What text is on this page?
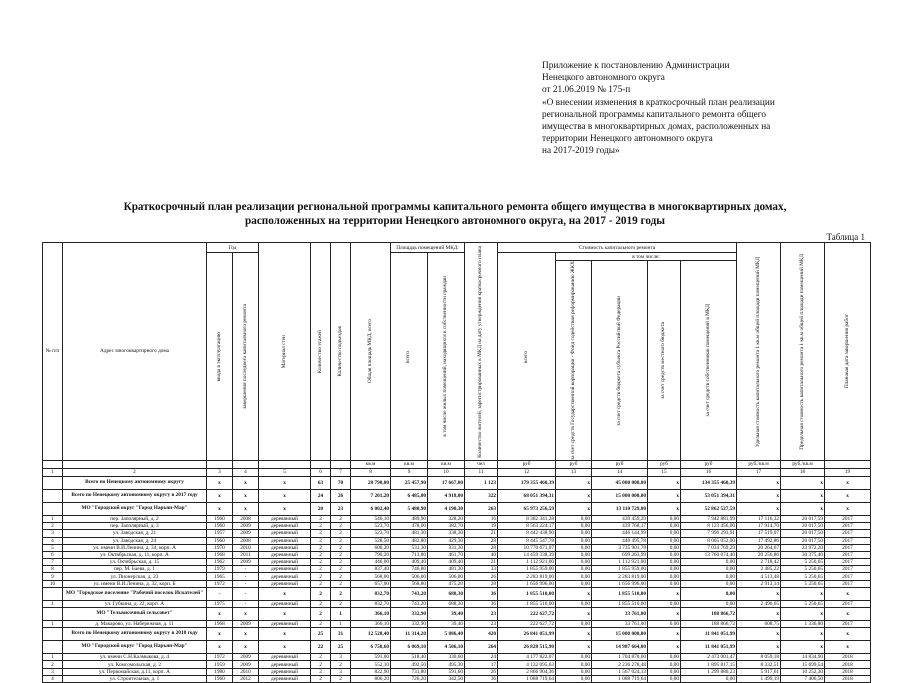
Приложение к постановлению Администрации
Ненецкого автономного округа
от 21.06.2019 № 175-п
«О внесении изменения в краткосрочный план реализации
региональной программы капитального ремонта общего
имущества в многоквартирных домах, расположенных на
территории Ненецкого автономного округа
на 2017-2019 годы»
Краткосрочный план реализации региональной программы капитального ремонта общего имущества в многоквартирных домах,
расположенных на территории Ненецкого автономного округа, на 2017 - 2019 годы
Таблица 1
№ п/п	Адрес многоквартирного дома	Год		Материал стен	Количество этажей	Количество подъездов	Общая площадь МКД, всего	Площадь помещений МКД:		Количество жителей, зарегистрированных в МКД на дату утверждения краткосрочного плана	Стоимость капитального ремонта					Удельная стоимость капитального ремонта 1 кв.м общей площади помещений МКД	Предельная стоимость капитального ремонта 1 кв.м общей площади помещений МКД	Плановая дата завершения работ

		ввода в эксплуатацию	завершения последнего капитального ремонта					всего	в том числе жилых помещений, находящихся в собственности граждан		всего	в том числе:						

												за счет средств Государственной корпорации - Фонд содействия реформированию ЖКХ	за счет средств бюджета субъекта Российской Федерации	за счет средств местного бюджета	за счет средств собственников помещений в МКД			

							кв.м	кв.м	кв.м	чел	руб	руб	руб	руб	руб	руб./кв.м	руб./кв.м	
1	2	3	4	5	6	7	8	9	10	11	12	13	14	15	16	17	18	19
	Всего по Ненецкому автономному округу	x	x	x	63	70	28 790,00	25 457,90	17 667,00	1 123	179 355 460,39	x	45 000 000,00	x	134 355 460,39	x	x	x
	Всего по Ненецкому автономному округу в 2017 году	x	x	x	24	26	7 201,20	6 485,00	4 918,00	322	68 051 394,31	x	15 000 000,00	x	53 051 394,31	x	x	x
	МО "Городской округ "Город Нарьян-Мар"	x	x	x	20	23	6 002,40	5 480,90	4 190,30	263	65 973 256,59	x	13 110 729,00	x	52 862 527,59	x	x	x
1	пер. Заполярный, д. 2	1960	2008	деревянный	2	2	540,10	489,90	328,20	16	8 382 341,28	0,00	439 459,29	0,00	7 942 881,99	17 116,32	20 017,59	2017
2	пер. Заполярный, д. 3	1960	2009	деревянный	2	2	523,70	478,00	382,70	19	8 563 224,17	0,00	439 768,17	0,00	8 123 456,00	17 914,70	20 017,50	2017
3	ул. Заводская, д. 21	1957	2009	деревянный	2	2	523,70	481,30	338,30	21	8 442 438,90	0,00	446 144,99	0,00	7 996 293,91	17 519,07	20 017,50	2017
4	ул. Заводская, д. 24	1960	2008	деревянный	2	2	528,50	482,80	429,30	28	8 445 547,78	0,00	440 495,78	0,00	8 005 052,00	17 492,86	20 017,50	2017
5	ул. имени В.И.Ленина, д. 34, корп. А	1970	2010	деревянный	2	2	600,20	531,30	331,30	28	10 770 671,07	0,00	3 735 901,78	0,00	7 034 769,29	20 264,67	23 972,20	2017
6	ул. Октябрьская, д. 11, корп. А	1968	2011	деревянный	2	2	790,20	713,80	461,70	40	14 459 338,39	0,00	699 263,99	0,00	13 760 074,40	20 256,86	30 375,40	2017
7	ул. Октябрьская, д. 15	1962	2009	деревянный	2	2	446,00	409,40	409,40	21	1 112 921,00	0,00	1 112 921,00	0,00	0,00	2 718,42	5 250,65	2017
8	пер. М. Баева, д. 1	1979	-	деревянный	2	2	837,40	746,80	481,30	33	1 855 959,00	0,00	1 855 959,00	0,00	0,00	2 485,22	5 250,65	2017
9	ул. Пионерская, д. 23	1965	-	деревянный	2	2	568,00	506,00	506,00	26	2 283 819,00	0,00	2 283 819,00	0,00	0,00	4 513,48	5 250,65	2017
10	ул. имени В.И.Ленина, д. 32, корп. Б	1972	-	деревянный	2	2	657,00	568,80	475,20	28	1 656 996,00	0,00	1 656 996,00	0,00	0,00	2 913,14	5 250,65	2017
	МО "Городское поселение "Рабочий поселок Искателей"	-	-	x	2	2	832,70	743,20	688,30	36	1 855 510,00	x	1 855 510,00	x	0,00	x	x	x
1	ул. Губкина, д. 22, корп. А	1975	-	деревянный	2	2	832,70	743,20	688,30	36	1 855 510,00	0,00	1 855 510,00	0,00	0,00	2 496,65	5 250,65	2017
	МО "Тельвисочный сельсовет"	x	x	x	2	1	366,10	332,90	39,40	23	222 627,72	x	33 761,00	x	188 866,72	x	x	x
1	д. Макарово, ул. Набережная, д. 11	1968	2009	деревянный	2	1	366,10	332,90	39,40	23	222 627,72	0,00	33 761,00	0,00	188 866,72	608,75	1 336,80	2017
	Всего по Ненецкому автономному округу в 2018 году	x	x	x	25	31	12 528,40	11 314,20	5 886,40	420	26 841 051,99	x	15 000 000,00	x	11 841 051,99	x	x	x
	МО "Городской округ "Город Нарьян-Мар"	x	x	x	22	25	6 750,60	6 069,10	4 506,10	264	26 828 515,90	x	14 987 664,00	x	11 841 051,99	x	x	x
1	ул. имени С.Н.Калмыкова, д. 4	1972	2009	деревянный	2	3	591,00	518,40	330,60	24	4 177 822,07	0,00	1 704 870,60	0,00	2 473 001,47	8 059,18	14 834,90	2018
2	ул. Комсомольская, д. 2	1959	2009	деревянный	2	2	552,10	492,50	495,30	17	4 132 095,63	0,00	2 236 278,48	0,00	1 895 817,15	8 332,51	15 699,54	2018
3	ул. Первомайская, д.11, корп. А	1980	2010	деревянный	2	3	822,90	731,80	591,60	26	2 866 904,36	0,00	1 567 024,13	0,00	1 299 880,23	5 917,61	10 252,30	2018
4	ул. Строительная, д. 1	1960	2012	деревянный	2	2	800,20	726,20	342,50	36	1 088 719,64	0,00	1 088 719,64	0,00	0,00	1 499,19	7 406,50	2018
